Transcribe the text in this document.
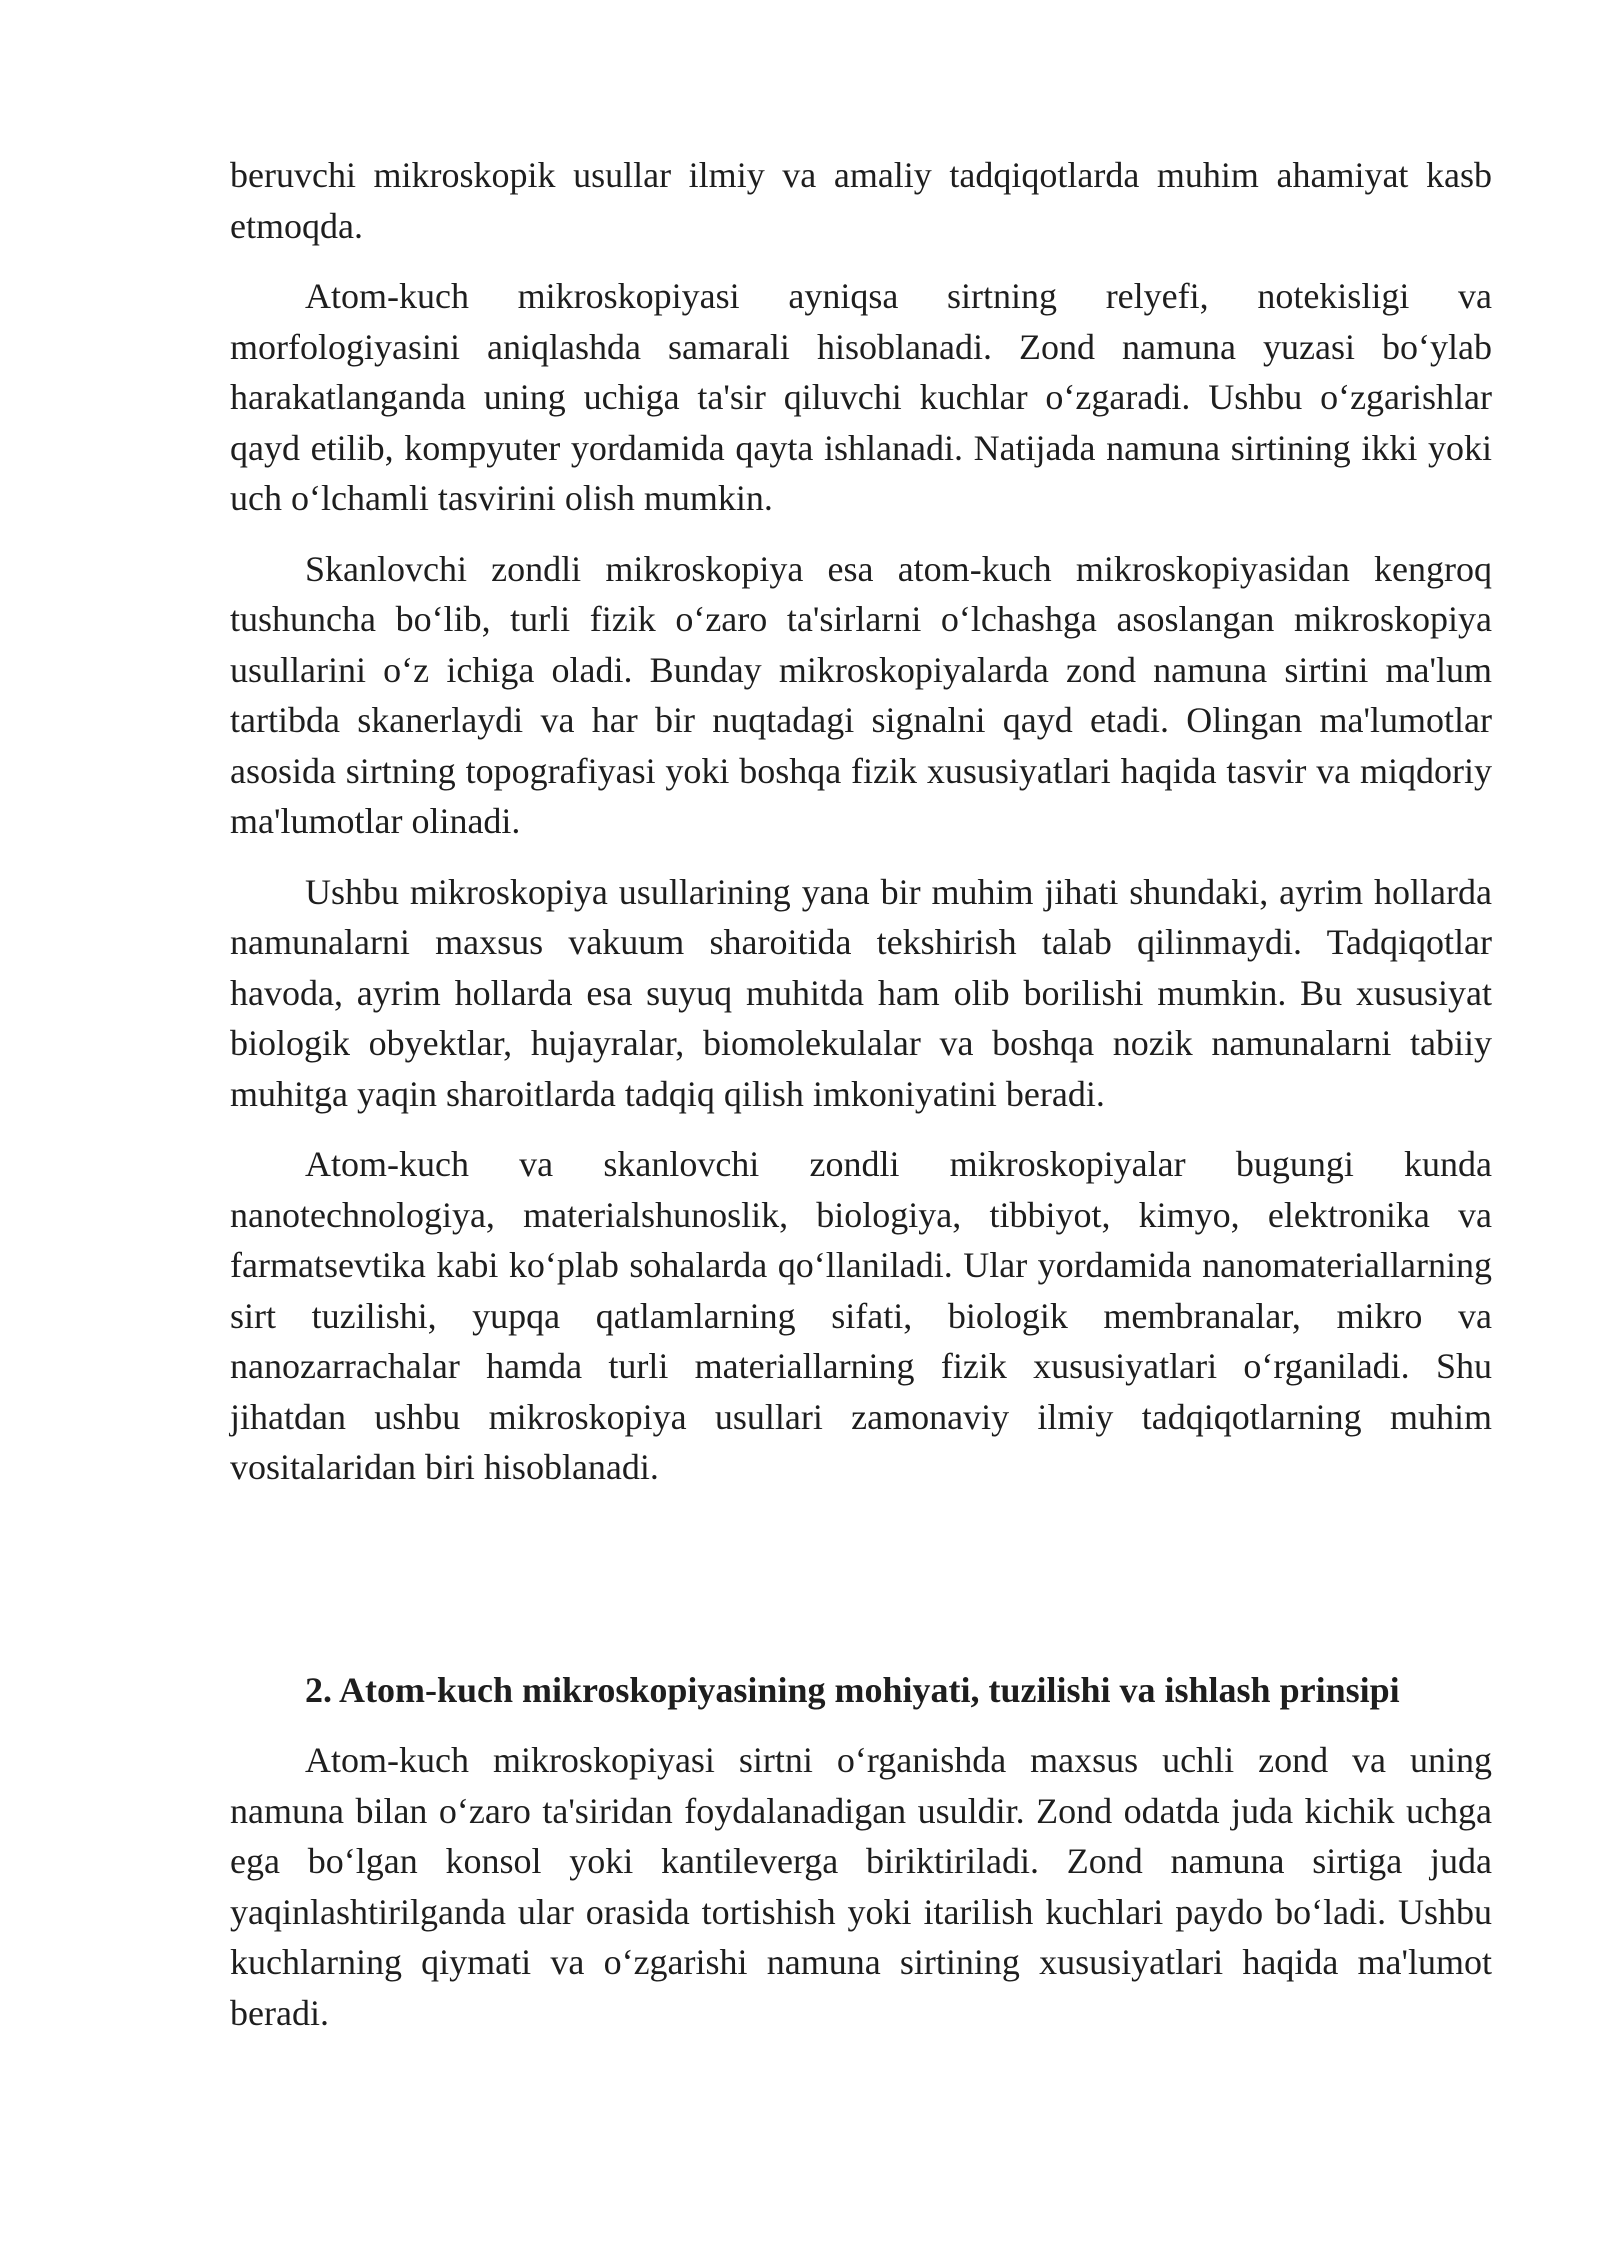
beruvchi mikroskopik usullar ilmiy va amaliy tadqiqotlarda muhim ahamiyat kasb etmoqda.

Atom-kuch mikroskopiyasi ayniqsa sirtning relyefi, notekisligi va morfologiyasini aniqlashda samarali hisoblanadi. Zond namuna yuzasi boʻylab harakatlanganda uning uchiga ta'sir qiluvchi kuchlar oʻzgaradi. Ushbu oʻzgarishlar qayd etilib, kompyuter yordamida qayta ishlanadi. Natijada namuna sirtining ikki yoki uch oʻlchamli tasvirini olish mumkin.

Skanlovchi zondli mikroskopiya esa atom-kuch mikroskopiyasidan kengroq tushuncha boʻlib, turli fizik oʻzaro ta'sirlarni oʻlchashga asoslangan mikroskopiya usullarini oʻz ichiga oladi. Bunday mikroskopiyalarda zond namuna sirtini ma'lum tartibda skanerlaydi va har bir nuqtadagi signalni qayd etadi. Olingan ma'lumotlar asosida sirtning topografiyasi yoki boshqa fizik xususiyatlari haqida tasvir va miqdoriy ma'lumotlar olinadi.

Ushbu mikroskopiya usullarining yana bir muhim jihati shundaki, ayrim hollarda namunalarni maxsus vakuum sharoitida tekshirish talab qilinmaydi. Tadqiqotlar havoda, ayrim hollarda esa suyuq muhitda ham olib borilishi mumkin. Bu xususiyat biologik obyektlar, hujayralar, biomolekulalar va boshqa nozik namunalarni tabiiy muhitga yaqin sharoitlarda tadqiq qilish imkoniyatini beradi.

Atom-kuch va skanlovchi zondli mikroskopiyalar bugungi kunda nanotechnologiya, materialshunoslik, biologiya, tibbiyot, kimyo, elektronika va farmatsevtika kabi koʻplab sohalarda qoʻllaniladi. Ular yordamida nanomateriallarning sirt tuzilishi, yupqa qatlamlarning sifati, biologik membranalar, mikro va nanozarrachalar hamda turli materiallarning fizik xususiyatlari oʻrganiladi. Shu jihatdan ushbu mikroskopiya usullari zamonaviy ilmiy tadqiqotlarning muhim vositalaridan biri hisoblanadi.

2. Atom-kuch mikroskopiyasining mohiyati, tuzilishi va ishlash prinsipi

Atom-kuch mikroskopiyasi sirtni oʻrganishda maxsus uchli zond va uning namuna bilan oʻzaro ta'siridan foydalanadigan usuldir. Zond odatda juda kichik uchga ega boʻlgan konsol yoki kantileverga biriktiriladi. Zond namuna sirtiga juda yaqinlashtirilganda ular orasida tortishish yoki itarilish kuchlari paydo boʻladi. Ushbu kuchlarning qiymati va oʻzgarishi namuna sirtining xususiyatlari haqida ma'lumot beradi.
